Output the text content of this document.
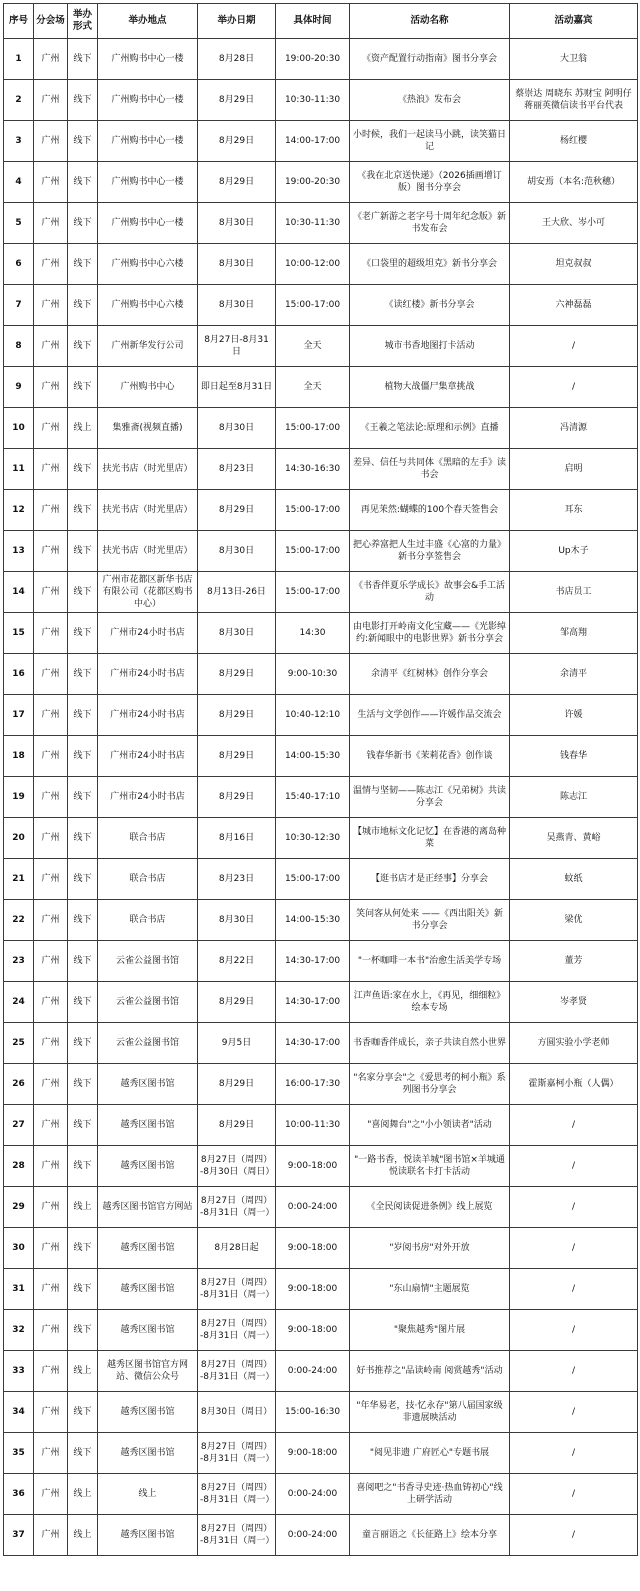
序号	分会场	举办形式	举办地点	举办日期	具体时间	活动名称	活动嘉宾
1	广州	线下	广州购书中心一楼	8月28日	19:00-20:30	《资产配置行动指南》图书分享会	大卫翁
2	广州	线下	广州购书中心一楼	8月29日	10:30-11:30	《热浪》发布会	蔡崇达 周晓东 苏财宝 阿明仔 蒋丽英微信读书平台代表
3	广州	线下	广州购书中心一楼	8月29日	14:00-17:00	小时候，我们一起读马小跳，读笑猫日记	杨红樱
4	广州	线下	广州购书中心一楼	8月29日	19:00-20:30	《我在北京送快递》（2026插画增订版）图书分享会	胡安焉（本名:范秋穗）
5	广州	线下	广州购书中心一楼	8月30日	10:30-11:30	《老广新游之老字号十周年纪念版》新书发布会	王大欣、岑小可
6	广州	线下	广州购书中心六楼	8月30日	10:00-12:00	《口袋里的超级坦克》新书分享会	坦克叔叔
7	广州	线下	广州购书中心六楼	8月30日	15:00-17:00	《读红楼》新书分享会	六神磊磊
8	广州	线下	广州新华发行公司	8月27日-8月31日	全天	城市书香地图打卡活动	/
9	广州	线下	广州购书中心	即日起至8月31日	全天	植物大战僵尸集章挑战	/
10	广州	线上	集雅斋(视频直播)	8月30日	15:00-17:00	《王羲之笔法论:原理和示例》直播	冯清源
11	广州	线下	扶光书店（时光里店）	8月23日	14:30-16:30	差异、信任与共同体《黑暗的左手》读书会	启明
12	广州	线下	扶光书店（时光里店）	8月29日	15:00-17:00	再见茉然:蝴蝶的100个春天签售会	耳东
13	广州	线下	扶光书店（时光里店）	8月30日	15:00-17:00	把心养富把人生过丰盛《心富的力量》新书分享签售会	Up木子
14	广州	线下	广州市花都区新华书店有限公司（花都区购书中心）	8月13日-26日	15:00-17:00	《书香伴夏乐学成长》故事会&手工活动	书店员工
15	广州	线下	广州市24小时书店	8月30日	14:30	由电影打开岭南文化宝藏——《光影绰约:新闻眼中的电影世界》新书分享会	邹高翔
16	广州	线下	广州市24小时书店	8月29日	9:00-10:30	余清平《红树林》创作分享会	余清平
17	广州	线下	广州市24小时书店	8月29日	10:40-12:10	生活与文学创作——许媛作品交流会	许媛
18	广州	线下	广州市24小时书店	8月29日	14:00-15:30	钱春华新书《茉莉花香》创作谈	钱春华
19	广州	线下	广州市24小时书店	8月29日	15:40-17:10	温情与坚韧——陈志江《兄弟树》共读分享会	陈志江
20	广州	线下	联合书店	8月16日	10:30-12:30	【城市地标文化记忆】在香港的离岛种菜	吴燕青、黄峪
21	广州	线下	联合书店	8月23日	15:00-17:00	【逛书店才是正经事】分享会	蚊纸
22	广州	线下	联合书店	8月30日	14:00-15:30	笑问客从何处来 ——《西出阳关》新书分享会	梁优
23	广州	线下	云雀公益图书馆	8月22日	14:30-17:00	"一杯咖啡一本书"治愈生活美学专场	董芳
24	广州	线下	云雀公益图书馆	8月29日	14:30-17:00	江声鱼语:家在水上，《再见，细细粒》绘本专场	岑孝贤
25	广州	线下	云雀公益图书馆	9月5日	14:30-17:00	书香咖香伴成长，亲子共读自然小世界	方圆实验小学老师
26	广州	线下	越秀区图书馆	8月29日	16:00-17:30	"名家分享会"之《爱思考的柯小瓶》系列图书分享会	霍斯嘉柯小瓶（人偶）
27	广州	线下	越秀区图书馆	8月29日	10:00-11:30	"喜阅舞台"之"小小领读者"活动	/
28	广州	线下	越秀区图书馆	8月27日（周四）-8月30日（周日）	9:00-18:00	"一路书香，悦读羊城"图书馆×羊城通悦读联名卡打卡活动	/
29	广州	线上	越秀区图书馆官方网站	8月27日（周四）-8月31日（周一）	0:00-24:00	《全民阅读促进条例》线上展览	/
30	广州	线下	越秀区图书馆	8月28日起	9:00-18:00	"岁阅书房"对外开放	/
31	广州	线下	越秀区图书馆	8月27日（周四）-8月31日（周一）	9:00-18:00	"东山扇情"主题展览	/
32	广州	线下	越秀区图书馆	8月27日（周四）-8月31日（周一）	9:00-18:00	"聚焦越秀"图片展	/
33	广州	线上	越秀区图书馆官方网站、微信公众号	8月27日（周四）-8月31日（周一）	0:00-24:00	好书推荐之"品读岭南 阅赏越秀"活动	/
34	广州	线下	越秀区图书馆	8月30日（周日）	15:00-16:30	"年华易老，技·忆永存"第八届国家级非遗展映活动	/
35	广州	线下	越秀区图书馆	8月27日（周四）-8月31日（周一）	9:00-18:00	"阅见非遗 广府匠心"专题书展	/
36	广州	线上	线上	8月27日（周四）-8月31日（周一）	0:00-24:00	喜阅吧之"书香寻史迹·热血铸初心"线上研学活动	/
37	广州	线上	越秀区图书馆	8月27日（周四）-8月31日（周一）	0:00-24:00	童言丽语之《长征路上》绘本分享	/
